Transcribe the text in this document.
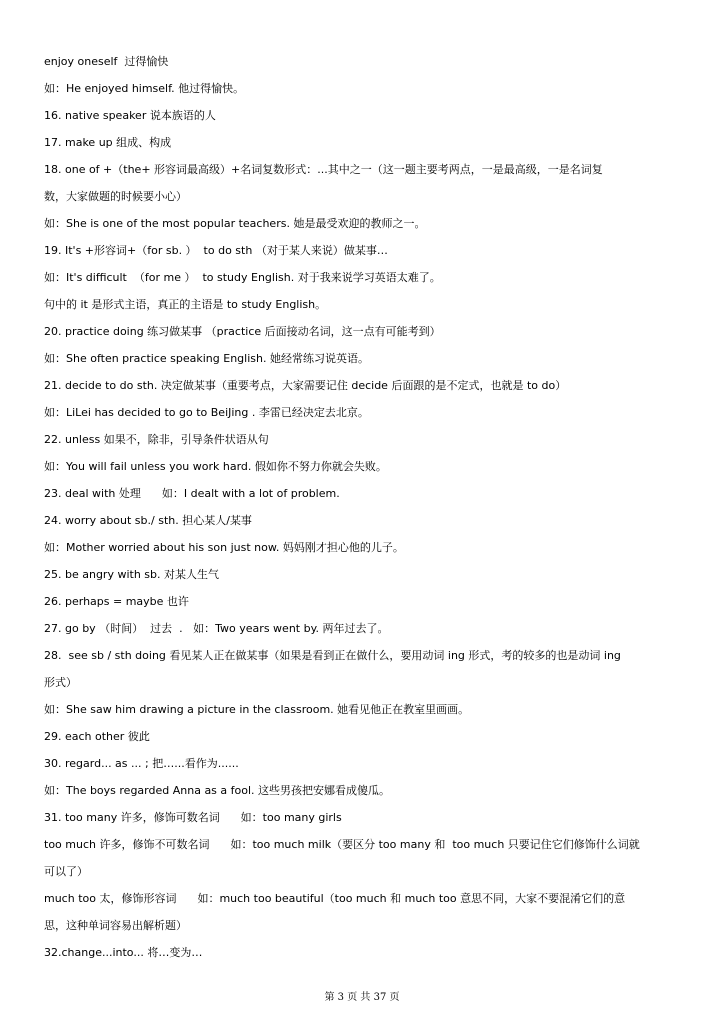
enjoy oneself  过得愉快
如：He enjoyed himself. 他过得愉快。
16. native speaker 说本族语的人
17. make up 组成、构成
18. one of +（the+ 形容词最高级）+名词复数形式：...其中之一（这一题主要考两点，一是最高级，一是名词复
数，大家做题的时候要小心）
如：She is one of the most popular teachers. 她是最受欢迎的教师之一。
19. It's +形容词+（for sb. ）  to do sth （对于某人来说）做某事…
如：It's difficult  （for me ）  to study English. 对于我来说学习英语太难了。
句中的 it 是形式主语，真正的主语是 to study English。
20. practice doing 练习做某事 （practice 后面接动名词，这一点有可能考到）
如：She often practice speaking English. 她经常练习说英语。
21. decide to do sth. 决定做某事（重要考点，大家需要记住 decide 后面跟的是不定式，也就是 to do）
如：LiLei has decided to go to BeiJing . 李雷已经决定去北京。
22. unless 如果不，除非，引导条件状语从句
如：You will fail unless you work hard. 假如你不努力你就会失败。
23. deal with 处理      如：I dealt with a lot of problem.
24. worry about sb./ sth. 担心某人/某事
如：Mother worried about his son just now. 妈妈刚才担心他的儿子。
25. be angry with sb. 对某人生气
26. perhaps = maybe 也许
27. go by （时间）  过去  .   如：Two years went by. 两年过去了。
28.  see sb / sth doing 看见某人正在做某事（如果是看到正在做什么，要用动词 ing 形式，考的较多的也是动词 ing
形式）
如：She saw him drawing a picture in the classroom. 她看见他正在教室里画画。
29. each other 彼此
30. regard... as ... ; 把…...看作为......
如：The boys regarded Anna as a fool. 这些男孩把安娜看成傻瓜。
31. too many 许多，修饰可数名词      如：too many girls
too much 许多，修饰不可数名词      如：too much milk（要区分 too many 和  too much 只要记住它们修饰什么词就
可以了）
much too 太，修饰形容词      如：much too beautiful（too much 和 much too 意思不同，大家不要混淆它们的意
思，这种单词容易出解析题）
32.change...into... 将…变为…
第 3 页 共 37 页
